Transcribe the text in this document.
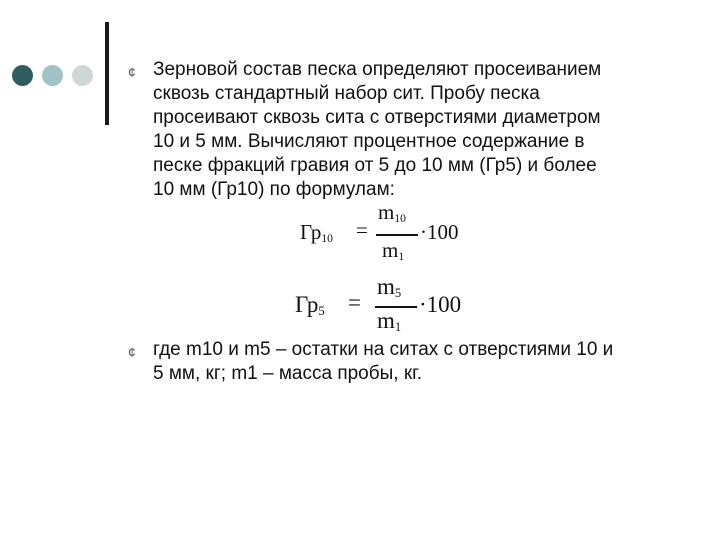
¢ Зерновой состав песка определяют просеиванием
сквозь стандартный набор сит. Пробу песка
просеивают сквозь сита с отверстиями диаметром
10 и 5 мм. Вычисляют процентное содержание в
песке фракций гравия от 5 до 10 мм (Гр5) и более
10 мм (Гр10) по формулам:

$Гр_{10}$ =
$m_{10}$
$m_1$
·100
$Гр_5$ =
$m_5$
$m_1$
·100
¢ где m10 и m5 – остатки на ситах с отверстиями 10 и
5 мм, кг; m1 – масса пробы, кг.
